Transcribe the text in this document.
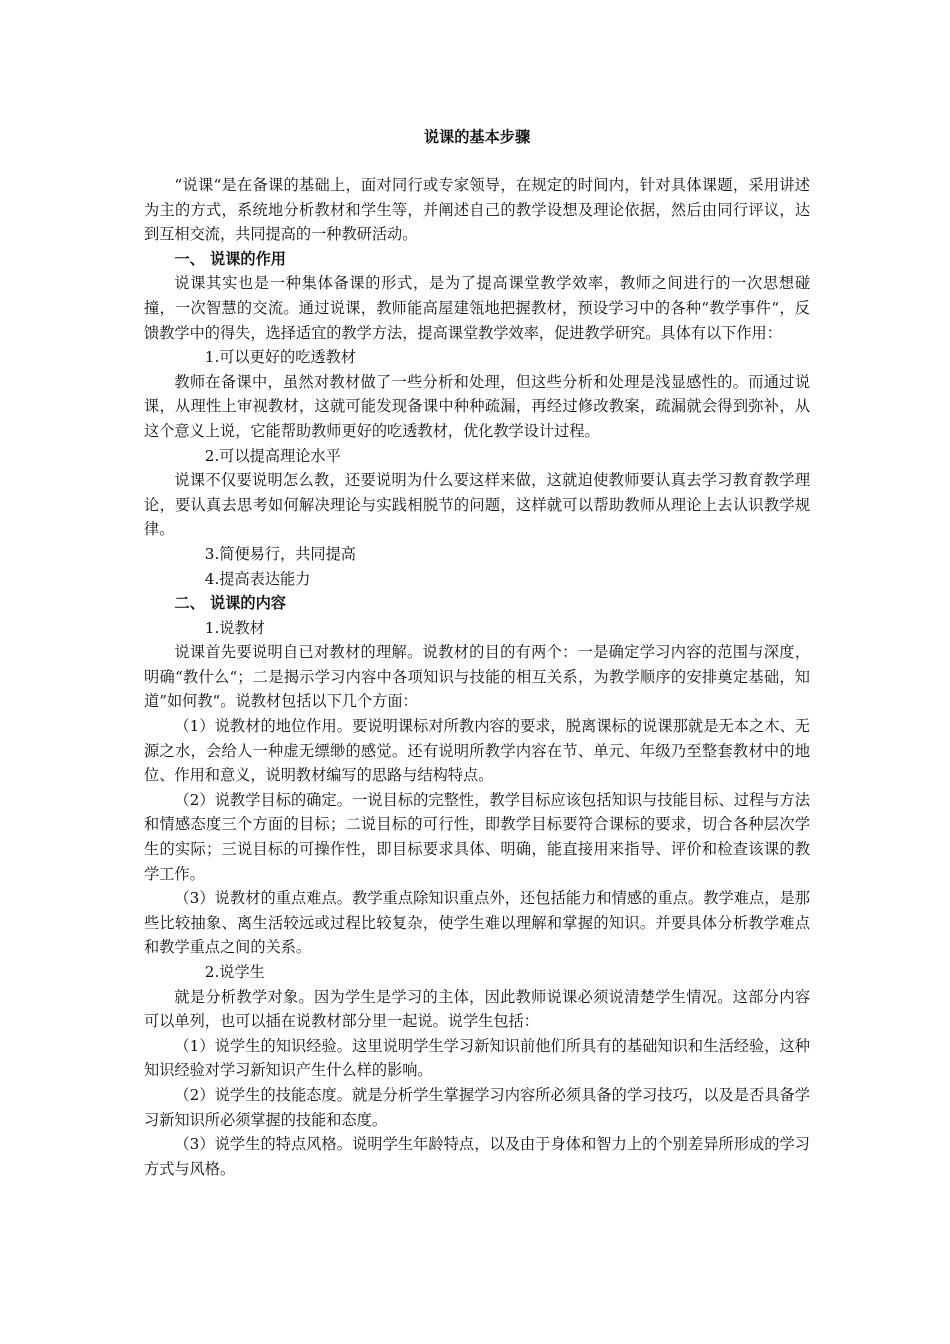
说课的基本步骤

“说课“是在备课的基础上，面对同行或专家领导，在规定的时间内，针对具体课题，采用讲述为主的方式，系统地分析教材和学生等，并阐述自己的教学设想及理论依据，然后由同行评议，达到互相交流，共同提高的一种教研活动。

一、 说课的作用

说课其实也是一种集体备课的形式，是为了提高课堂教学效率，教师之间进行的一次思想碰撞，一次智慧的交流。通过说课，教师能高屋建瓴地把握教材，预设学习中的各种“教学事件“，反馈教学中的得失，选择适宜的教学方法，提高课堂教学效率，促进教学研究。具体有以下作用：

1.可以更好的吃透教材

教师在备课中，虽然对教材做了一些分析和处理，但这些分析和处理是浅显感性的。而通过说课，从理性上审视教材，这就可能发现备课中种种疏漏，再经过修改教案，疏漏就会得到弥补，从这个意义上说，它能帮助教师更好的吃透教材，优化教学设计过程。

2.可以提高理论水平

说课不仅要说明怎么教，还要说明为什么要这样来做，这就迫使教师要认真去学习教育教学理论，要认真去思考如何解决理论与实践相脱节的问题，这样就可以帮助教师从理论上去认识教学规律。

3.简便易行，共同提高
4.提高表达能力
二、 说课的内容
1.说教材

说课首先要说明自已对教材的理解。说教材的目的有两个：一是确定学习内容的范围与深度，明确“教什么“；二是揭示学习内容中各项知识与技能的相互关系，为教学顺序的安排奠定基础，知道”如何教“。说教材包括以下几个方面：

（1）说教材的地位作用。要说明课标对所教内容的要求，脱离课标的说课那就是无本之木、无源之水，会给人一种虚无缥缈的感觉。还有说明所教学内容在节、单元、年级乃至整套教材中的地位、作用和意义，说明教材编写的思路与结构特点。

（2）说教学目标的确定。一说目标的完整性，教学目标应该包括知识与技能目标、过程与方法和情感态度三个方面的目标；二说目标的可行性，即教学目标要符合课标的要求，切合各种层次学生的实际；三说目标的可操作性，即目标要求具体、明确，能直接用来指导、评价和检查该课的教学工作。

（3）说教材的重点难点。教学重点除知识重点外，还包括能力和情感的重点。教学难点，是那些比较抽象、离生活较远或过程比较复杂，使学生难以理解和掌握的知识。并要具体分析教学难点和教学重点之间的关系。

2.说学生

就是分析教学对象。因为学生是学习的主体，因此教师说课必须说清楚学生情况。这部分内容可以单列，也可以插在说教材部分里一起说。说学生包括：

（1）说学生的知识经验。这里说明学生学习新知识前他们所具有的基础知识和生活经验，这种知识经验对学习新知识产生什么样的影响。

（2）说学生的技能态度。就是分析学生掌握学习内容所必须具备的学习技巧，以及是否具备学习新知识所必须掌握的技能和态度。

（3）说学生的特点风格。说明学生年龄特点，以及由于身体和智力上的个别差异所形成的学习方式与风格。
